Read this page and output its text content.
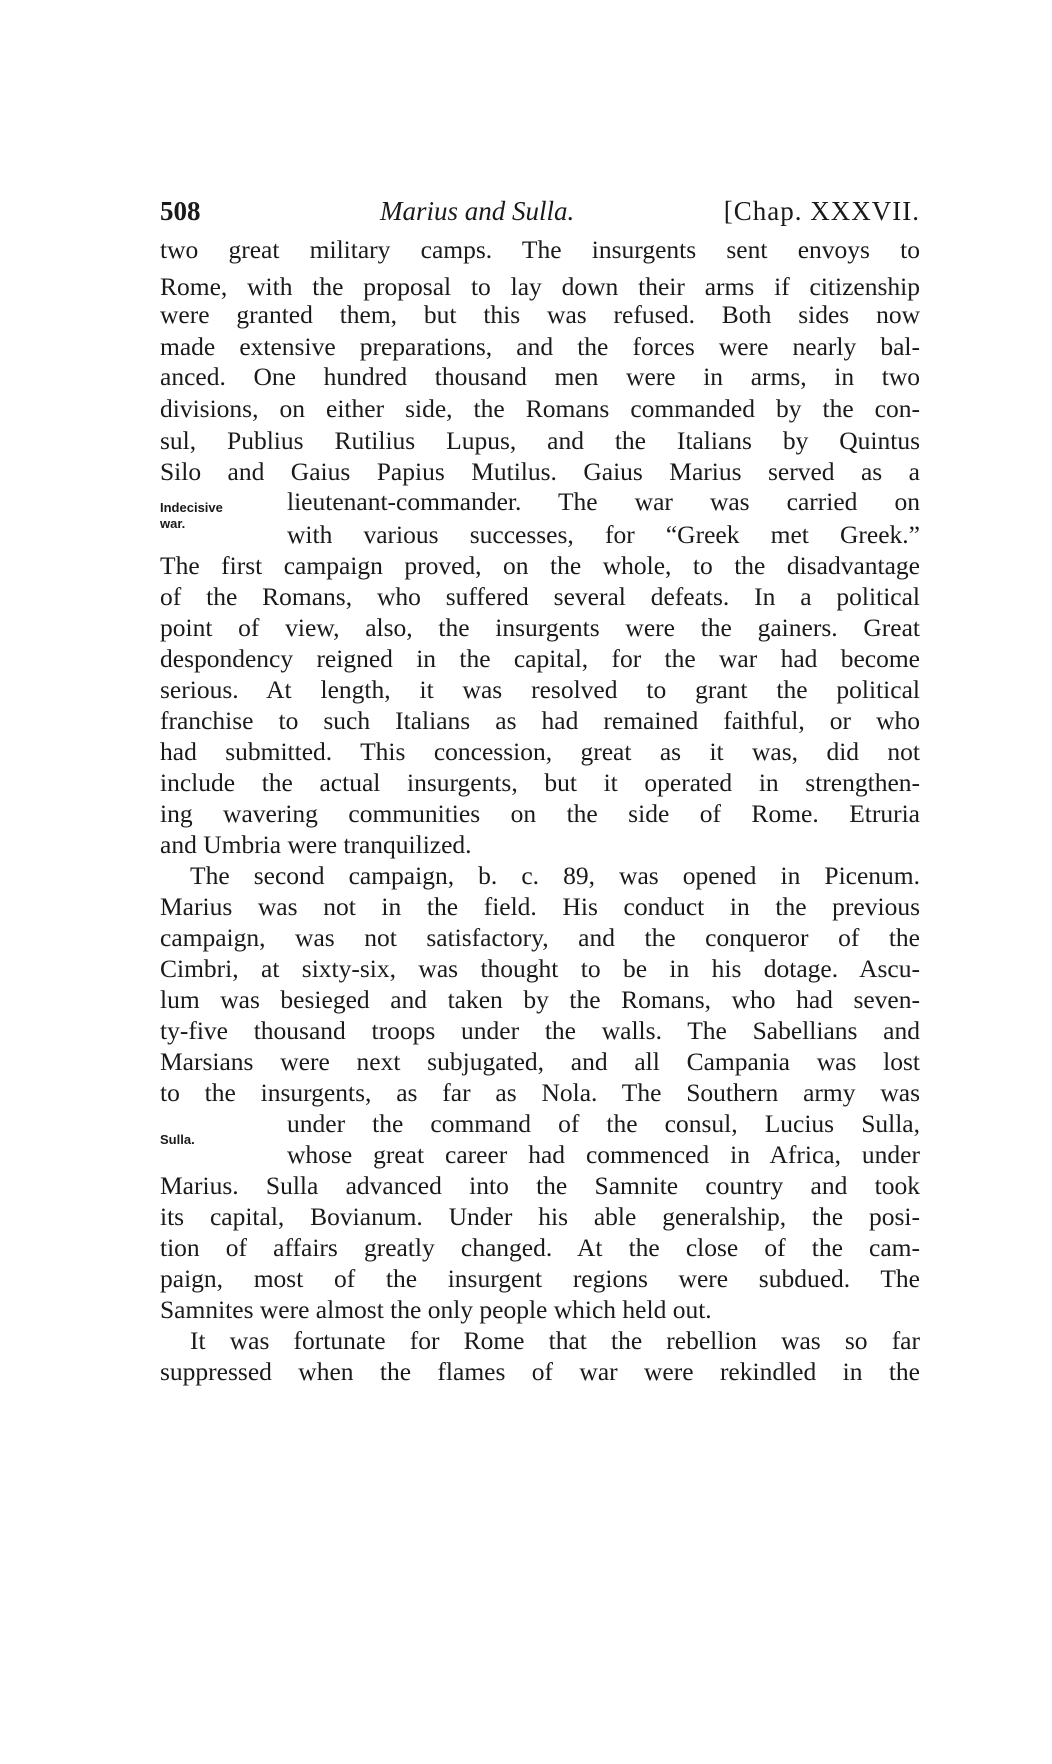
508	Marius and Sulla.	[Chap. XXXVII.
Indecisive
war.
Sulla.
two great military camps. The insurgents sent envoys to
Rome, with the proposal to lay down their arms if citizenship
were granted them, but this was refused. Both sides now
made extensive preparations, and the forces were nearly bal-
anced. One hundred thousand men were in arms, in two
divisions, on either side, the Romans commanded by the con-
sul, Publius Rutilius Lupus, and the Italians by Quintus
Silo and Gaius Papius Mutilus. Gaius Marius served as a
lieutenant-commander. The war was carried on
with various successes, for “Greek met Greek.”
The first campaign proved, on the whole, to the disadvantage
of the Romans, who suffered several defeats. In a political
point of view, also, the insurgents were the gainers. Great
despondency reigned in the capital, for the war had become
serious. At length, it was resolved to grant the political
franchise to such Italians as had remained faithful, or who
had submitted. This concession, great as it was, did not
include the actual insurgents, but it operated in strengthen-
ing wavering communities on the side of Rome. Etruria
and Umbria were tranquilized.
The second campaign, b. c. 89, was opened in Picenum.
Marius was not in the field. His conduct in the previous
campaign, was not satisfactory, and the conqueror of the
Cimbri, at sixty-six, was thought to be in his dotage. Ascu-
lum was besieged and taken by the Romans, who had seven-
ty-five thousand troops under the walls. The Sabellians and
Marsians were next subjugated, and all Campania was lost
to the insurgents, as far as Nola. The Southern army was
under the command of the consul, Lucius Sulla,
whose great career had commenced in Africa, under
Marius. Sulla advanced into the Samnite country and took
its capital, Bovianum. Under his able generalship, the posi-
tion of affairs greatly changed. At the close of the cam-
paign, most of the insurgent regions were subdued. The
Samnites were almost the only people which held out.
It was fortunate for Rome that the rebellion was so far
suppressed when the flames of war were rekindled in the
